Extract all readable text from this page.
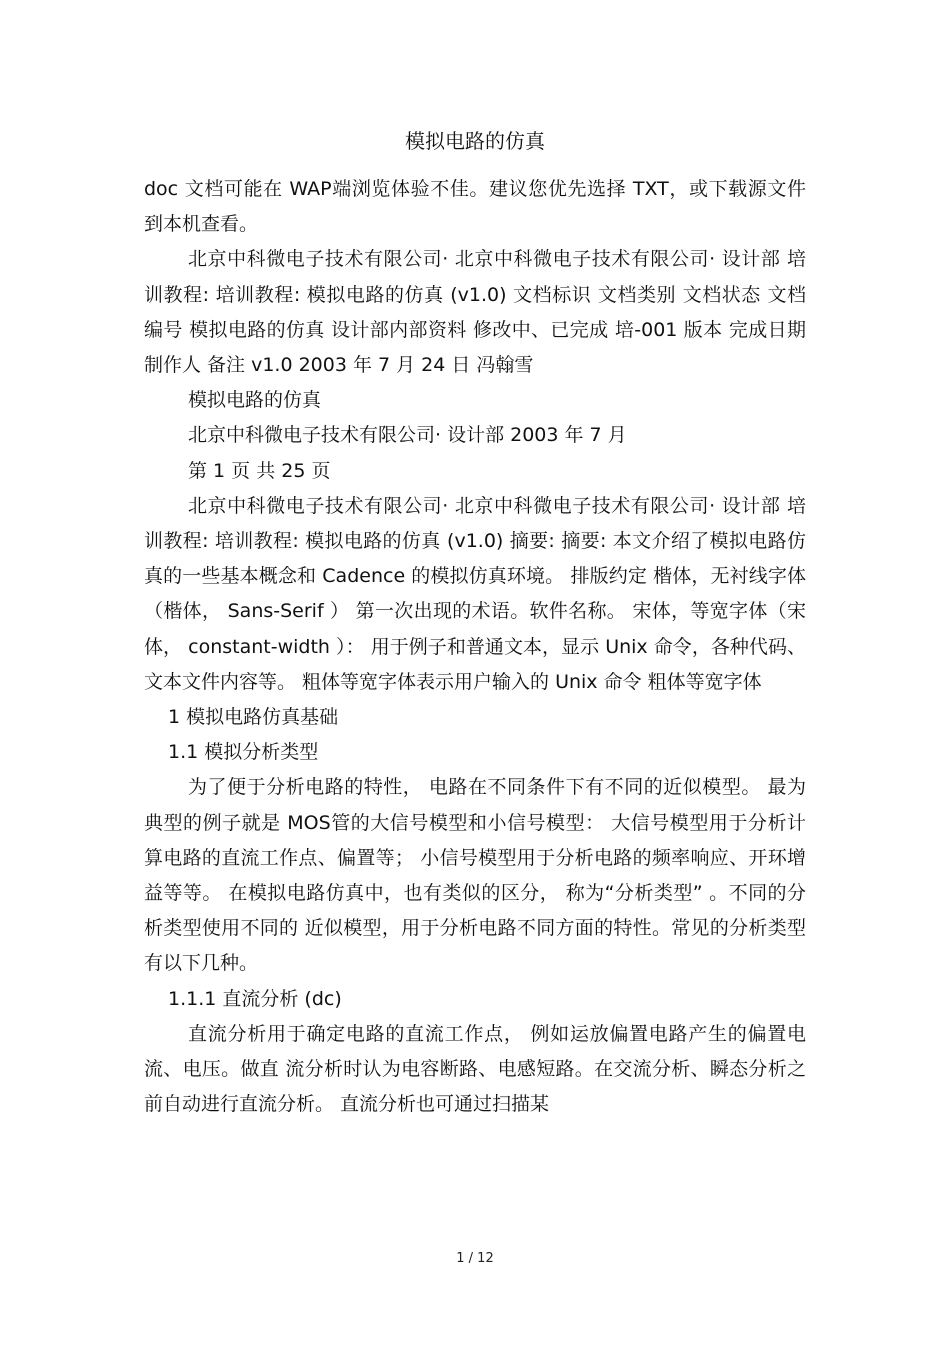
模拟电路的仿真

doc 文档可能在 WAP端浏览体验不佳。建议您优先选择 TXT，或下载源文件到本机查看。

北京中科微电子技术有限公司· 北京中科微电子技术有限公司· 设计部 培训教程: 培训教程: 模拟电路的仿真 (v1.0) 文档标识 文档类别 文档状态 文档编号 模拟电路的仿真 设计部内部资料 修改中、已完成 培-001 版本 完成日期 制作人 备注 v1.0 2003 年 7 月 24 日 冯翰雪

模拟电路的仿真

北京中科微电子技术有限公司· 设计部 2003 年 7 月

第 1 页 共 25 页

北京中科微电子技术有限公司· 北京中科微电子技术有限公司· 设计部 培训教程: 培训教程: 模拟电路的仿真 (v1.0) 摘要: 摘要: 本文介绍了模拟电路仿真的一些基本概念和 Cadence 的模拟仿真环境。 排版约定 楷体，无衬线字体（楷体， Sans-Serif ） 第一次出现的术语。软件名称。 宋体，等宽字体（宋体， constant-width ）： 用于例子和普通文本，显示 Unix 命令，各种代码、文本文件内容等。 粗体等宽字体表示用户输入的 Unix 命令 粗体等宽字体

1 模拟电路仿真基础

1.1 模拟分析类型

为了便于分析电路的特性， 电路在不同条件下有不同的近似模型。 最为典型的例子就是 MOS管的大信号模型和小信号模型： 大信号模型用于分析计算电路的直流工作点、偏置等； 小信号模型用于分析电路的频率响应、开环增益等等。 在模拟电路仿真中，也有类似的区分， 称为“分析类型” 。不同的分析类型使用不同的 近似模型，用于分析电路不同方面的特性。常见的分析类型有以下几种。

1.1.1 直流分析 (dc)

直流分析用于确定电路的直流工作点， 例如运放偏置电路产生的偏置电流、电压。做直 流分析时认为电容断路、电感短路。在交流分析、瞬态分析之前自动进行直流分析。 直流分析也可通过扫描某

1 / 12
